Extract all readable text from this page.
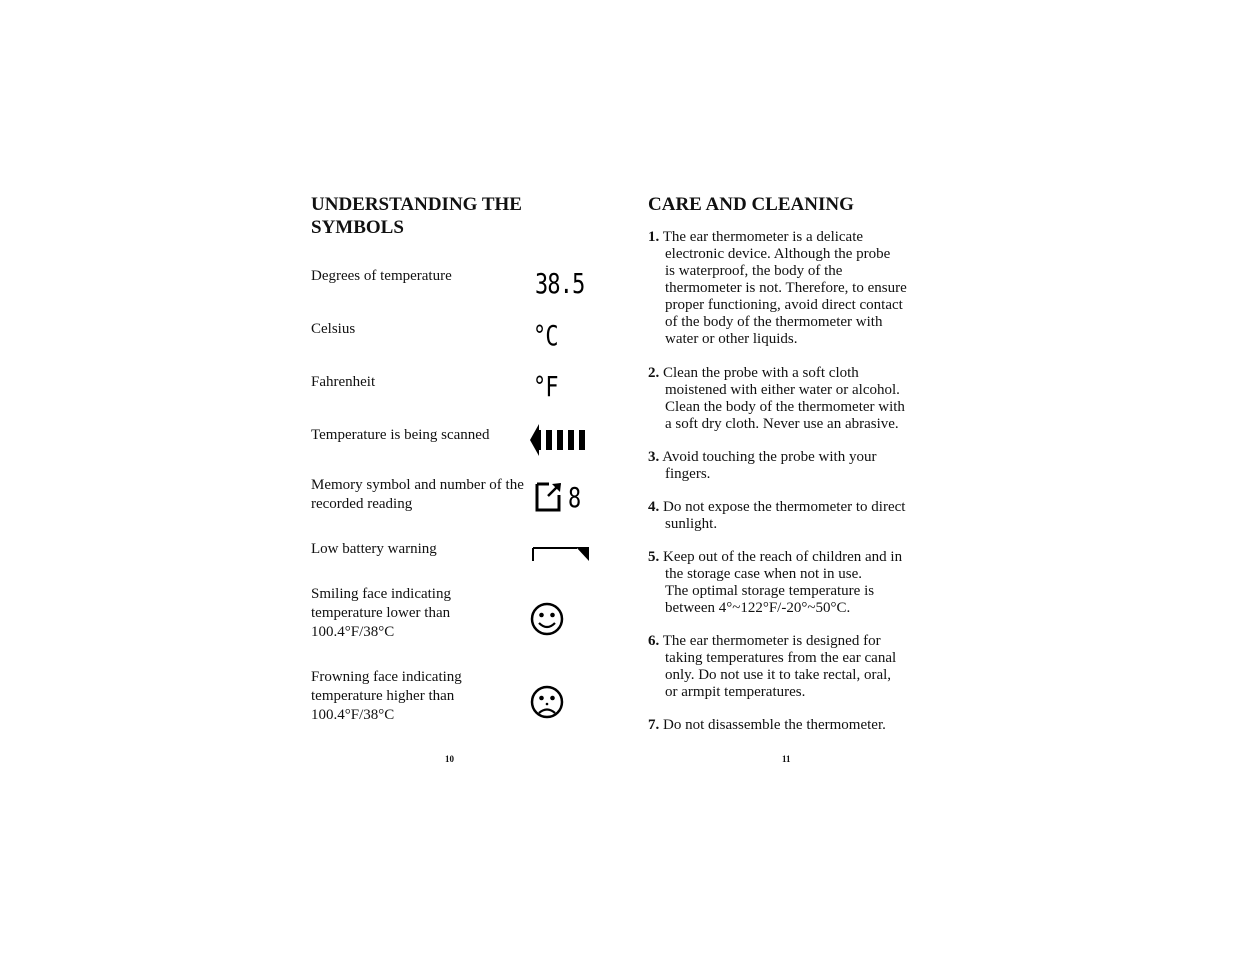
UNDERSTANDING THE SYMBOLS
Degrees of temperature	38.5
Celsius	°C
Fahrenheit	°F
Temperature is being scanned
Memory symbol and number of the recorded reading	8
Low battery warning
Smiling face indicating temperature lower than 100.4°F/38°C
Frowning face indicating temperature higher than 100.4°F/38°C
10
CARE AND CLEANING
1. The ear thermometer is a delicate
electronic device. Although the probe
is waterproof, the body of the
thermometer is not. Therefore, to ensure
proper functioning, avoid direct contact
of the body of the thermometer with
water or other liquids.
2. Clean the probe with a soft cloth
moistened with either water or alcohol.
Clean the body of the thermometer with
a soft dry cloth. Never use an abrasive.
3. Avoid touching the probe with your
fingers.
4. Do not expose the thermometer to direct
sunlight.
5. Keep out of the reach of children and in
the storage case when not in use.
The optimal storage temperature is
between 4°~122°F/-20°~50°C.
6. The ear thermometer is designed for
taking temperatures from the ear canal
only. Do not use it to take rectal, oral,
or armpit temperatures.
7. Do not disassemble the thermometer.
11
